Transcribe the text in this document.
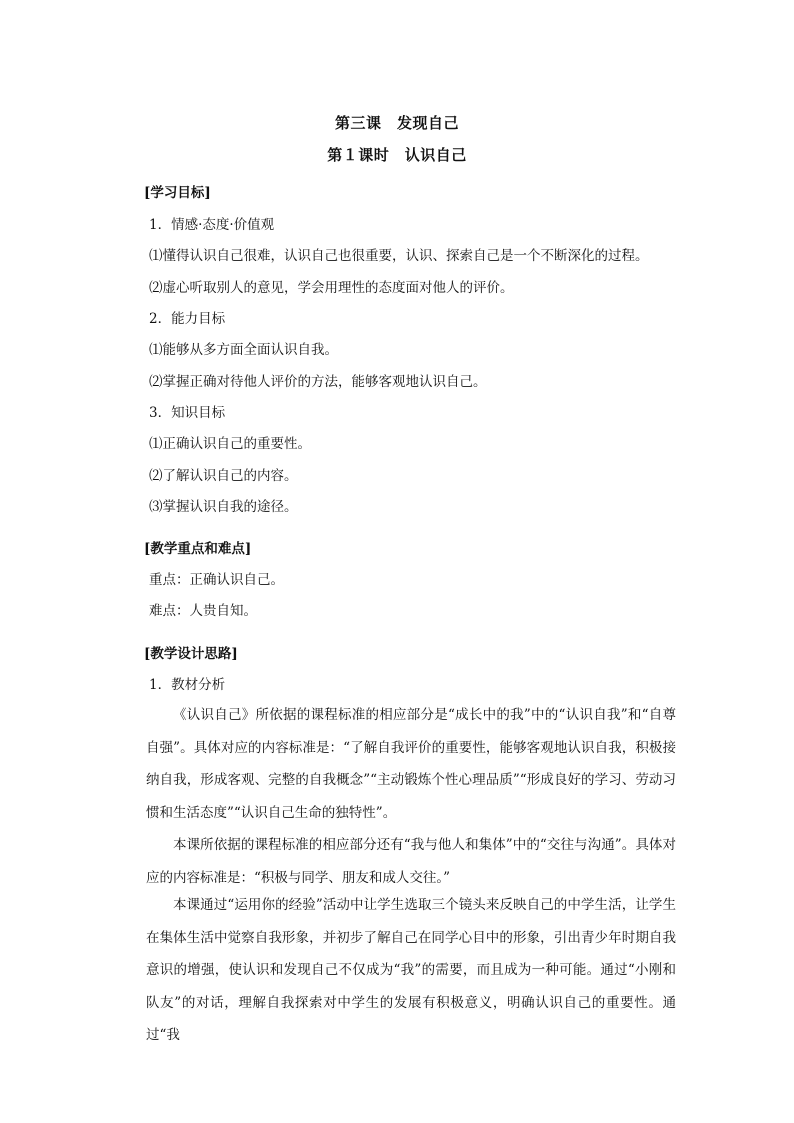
第三课　发现自己
第１课时　认识自己
[学习目标]
1．情感·态度·价值观
⑴懂得认识自己很难，认识自己也很重要，认识、探索自己是一个不断深化的过程。
⑵虚心听取别人的意见，学会用理性的态度面对他人的评价。
2．能力目标
⑴能够从多方面全面认识自我。
⑵掌握正确对待他人评价的方法，能够客观地认识自己。
3．知识目标
⑴正确认识自己的重要性。
⑵了解认识自己的内容。
⑶掌握认识自我的途径。
[教学重点和难点]
重点：正确认识自己。
难点：人贵自知。
[教学设计思路]
1．教材分析

《认识自己》所依据的课程标准的相应部分是“成长中的我”中的“认识自我”和“自尊自强”。具体对应的内容标准是：“了解自我评价的重要性，能够客观地认识自我，积极接纳自我，形成客观、完整的自我概念”“主动锻炼个性心理品质”“形成良好的学习、劳动习惯和生活态度”“认识自己生命的独特性”。

本课所依据的课程标准的相应部分还有“我与他人和集体”中的“交往与沟通”。具体对应的内容标准是：“积极与同学、朋友和成人交往。”

本课通过“运用你的经验”活动中让学生选取三个镜头来反映自己的中学生活，让学生在集体生活中觉察自我形象，并初步了解自己在同学心目中的形象，引出青少年时期自我意识的增强，使认识和发现自己不仅成为“我”的需要，而且成为一种可能。通过“小刚和队友”的对话，理解自我探索对中学生的发展有积极意义，明确认识自己的重要性。通过“我
